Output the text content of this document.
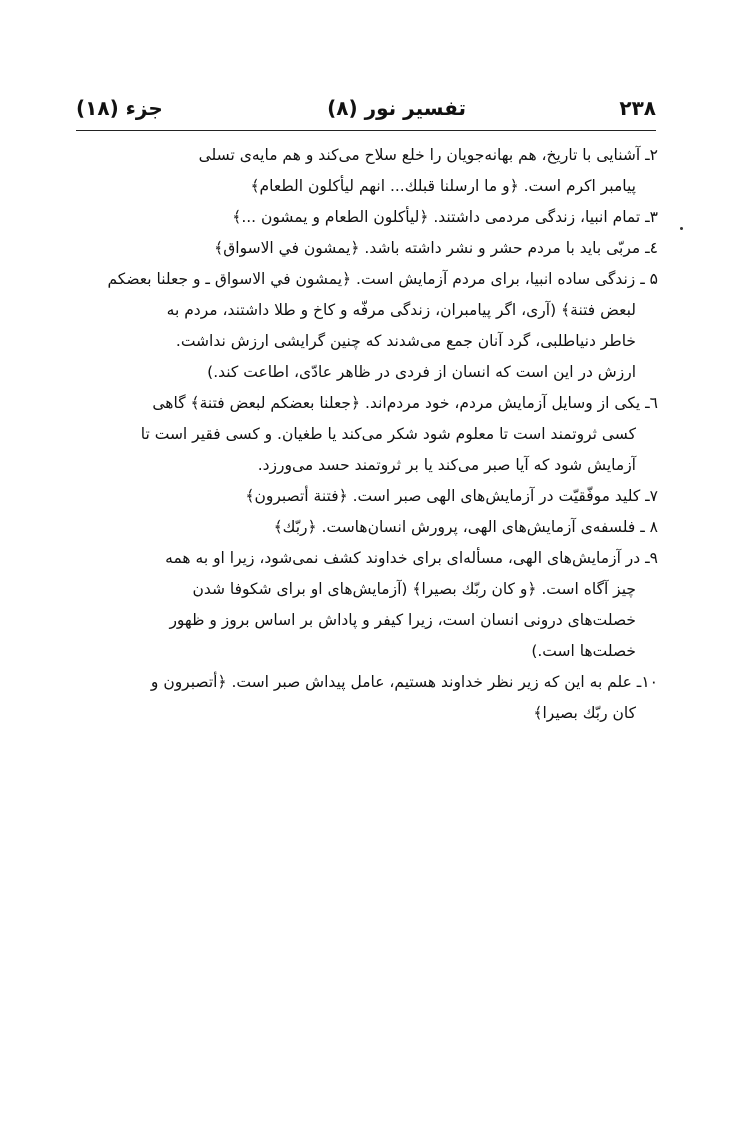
۲۳۸
تفسیر نور (۸)
جزء (۱۸)
۲ـ آشنایی با تاریخ، هم بهانه‌جویان را خلع سلاح می‌کند و هم مایه‌ی تسلی
پیامبر اکرم است. ﴿و ما ارسلنا قبلك... انهم ليأكلون الطعام﴾
۳ـ تمام انبیا، زندگی مردمی داشتند. ﴿ليأكلون الطعام و يمشون ...﴾
٤ـ مربّی باید با مردم حشر و نشر داشته باشد. ﴿يمشون في الاسواق﴾
۵ ـ زندگی ساده انبیا، برای مردم آزمایش است. ﴿يمشون في الاسواق ـ و جعلنا بعضكم
لبعض فتنة﴾ (آری، اگر پیامبران، زندگی مرفّه و کاخ و طلا داشتند، مردم به
خاطر دنیاطلبی، گرد آنان جمع می‌شدند که چنین گرایشی ارزش نداشت.
ارزش در این است که انسان از فردی در ظاهر عادّی، اطاعت کند.)
٦ـ یکی از وسایل آزمایش مردم، خود مردم‌اند. ﴿جعلنا بعضكم لبعض فتنة﴾ گاهی
کسی ثروتمند است تا معلوم شود شکر می‌کند یا طغیان. و کسی فقیر است تا
آزمایش شود که آیا صبر می‌کند یا بر ثروتمند حسد می‌ورزد.
۷ـ کلید موفّقیّت در آزمایش‌های الهی صبر است. ﴿فتنة أتصبرون﴾
۸ ـ فلسفه‌ی آزمایش‌های الهی، پرورش انسان‌هاست. ﴿ربّك﴾
۹ـ در آزمایش‌های الهی، مسأله‌ای برای خداوند کشف نمی‌شود، زیرا او به همه
چیز آگاه است. ﴿و كان ربّك بصيرا﴾ (آزمایش‌های او برای شکوفا شدن
خصلت‌های درونی انسان است، زیرا کیفر و پاداش بر اساس بروز و ظهور
خصلت‌ها است.)
۱۰ـ علم به این که زیر نظر خداوند هستیم، عامل پیداش صبر است. ﴿أتصبرون و
كان ربّك بصيرا﴾
